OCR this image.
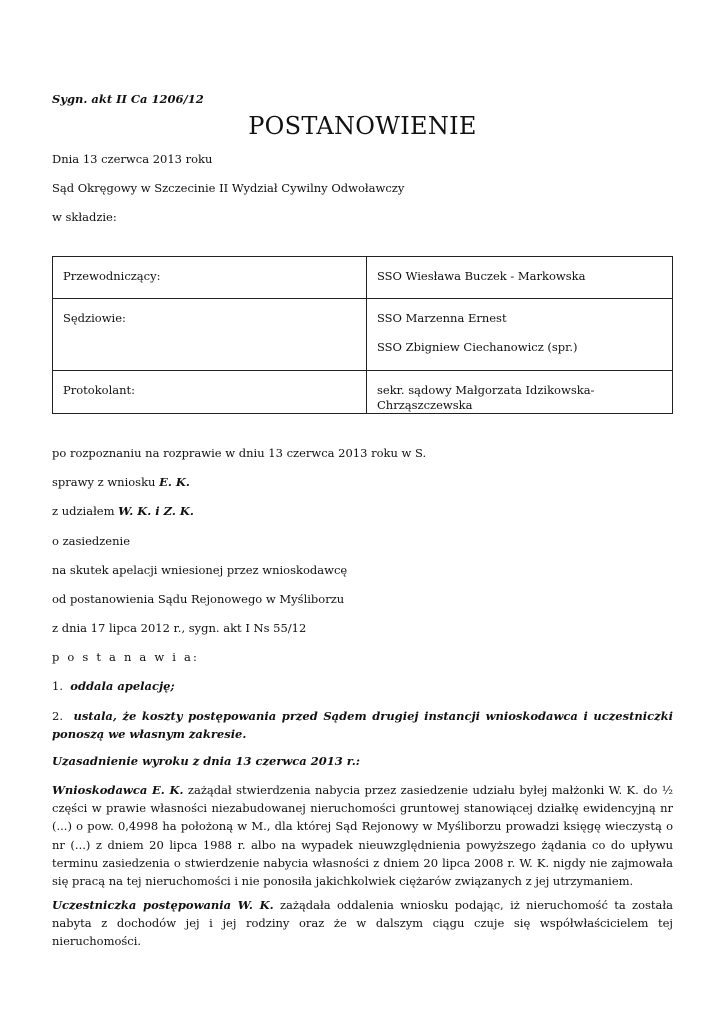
Sygn. akt II Ca 1206/12
POSTANOWIENIE
Dnia 13 czerwca 2013 roku
Sąd Okręgowy w Szczecinie II Wydział Cywilny Odwoławczy
w składzie:
Przewodniczący:	SSO Wiesława Buczek - Markowska

Sędziowie:	SSO Marzenna Ernest
SSO Zbigniew Ciechanowicz (spr.)

Protokolant:	sekr. sądowy Małgorzata Idzikowska-Chrząszczewska
po rozpoznaniu na rozprawie w dniu 13 czerwca 2013 roku w S.
sprawy z wniosku E. K.
z udziałem W. K. i Z. K.
o zasiedzenie
na skutek apelacji wniesionej przez wnioskodawcę
od postanowienia Sądu Rejonowego w Myśliborzu
z dnia 17 lipca 2012 r., sygn. akt I Ns 55/12
p o s t a n a w i a:
1. oddala apelację;
2. ustala, że koszty postępowania przed Sądem drugiej instancji wnioskodawca i uczestniczki ponoszą we własnym zakresie.
Uzasadnienie wyroku z dnia 13 czerwca 2013 r.:
Wnioskodawca E. K. zażądał stwierdzenia nabycia przez zasiedzenie udziału byłej małżonki W. K. do ½ części w prawie własności niezabudowanej nieruchomości gruntowej stanowiącej działkę ewidencyjną nr (...) o pow. 0,4998 ha położoną w M., dla której Sąd Rejonowy w Myśliborzu prowadzi księgę wieczystą o nr (...) z dniem 20 lipca 1988 r. albo na wypadek nieuwzględnienia powyższego żądania co do upływu terminu zasiedzenia o stwierdzenie nabycia własności z dniem 20 lipca 2008 r. W. K. nigdy nie zajmowała się pracą na tej nieruchomości i nie ponosiła jakichkolwiek ciężarów związanych z jej utrzymaniem.
Uczestniczka postępowania W. K. zażądała oddalenia wniosku podając, iż nieruchomość ta została nabyta z dochodów jej i jej rodziny oraz że w dalszym ciągu czuje się współwłaścicielem tej nieruchomości.
